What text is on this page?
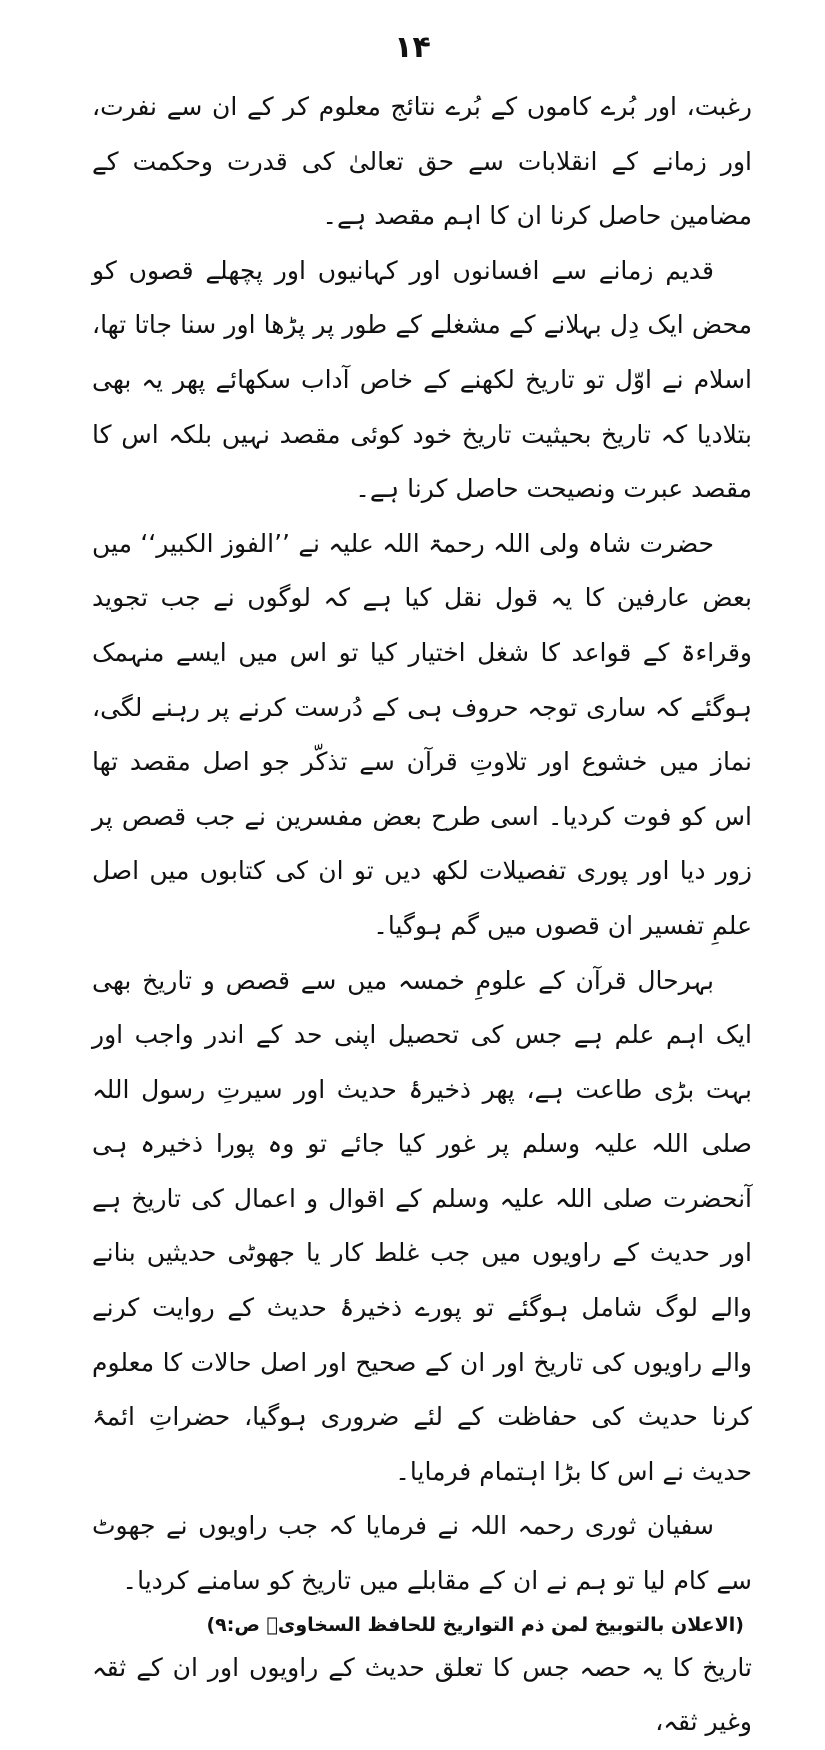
۱۴

رغبت، اور بُرے کاموں کے بُرے نتائج معلوم کر کے ان سے نفرت، اور زمانے کے انقلابات سے حق تعالیٰ کی قدرت وحکمت کے مضامین حاصل کرنا ان کا اہم مقصد ہے۔

قدیم زمانے سے افسانوں اور کہانیوں اور پچھلے قصوں کو محض ایک دِل بہلانے کے مشغلے کے طور پر پڑھا اور سنا جاتا تھا، اسلام نے اوّل تو تاریخ لکھنے کے خاص آداب سکھائے پھر یہ بھی بتلادیا کہ تاریخ بحیثیت تاریخ خود کوئی مقصد نہیں بلکہ اس کا مقصد عبرت ونصیحت حاصل کرنا ہے۔

حضرت شاہ ولی اللہ رحمۃ اللہ علیہ نے ’’الفوز الکبیر‘‘ میں بعض عارفین کا یہ قول نقل کیا ہے کہ لوگوں نے جب تجوید وقراءۃ کے قواعد کا شغل اختیار کیا تو اس میں ایسے منہمک ہوگئے کہ ساری توجہ حروف ہی کے دُرست کرنے پر رہنے لگی، نماز میں خشوع اور تلاوتِ قرآن سے تذکّر جو اصل مقصد تھا اس کو فوت کردیا۔ اسی طرح بعض مفسرین نے جب قصص پر زور دیا اور پوری تفصیلات لکھ دیں تو ان کی کتابوں میں اصل علمِ تفسیر ان قصوں میں گم ہوگیا۔

بہرحال قرآن کے علومِ خمسہ میں سے قصص و تاریخ بھی ایک اہم علم ہے جس کی تحصیل اپنی حد کے اندر واجب اور بہت بڑی طاعت ہے، پھر ذخیرۂ حدیث اور سیرتِ رسول اللہ صلی اللہ علیہ وسلم پر غور کیا جائے تو وہ پورا ذخیرہ ہی آنحضرت صلی اللہ علیہ وسلم کے اقوال و اعمال کی تاریخ ہے اور حدیث کے راویوں میں جب غلط کار یا جھوٹی حدیثیں بنانے والے لوگ شامل ہوگئے تو پورے ذخیرۂ حدیث کے روایت کرنے والے راویوں کی تاریخ اور ان کے صحیح اور اصل حالات کا معلوم کرنا حدیث کی حفاظت کے لئے ضروری ہوگیا، حضراتِ ائمۂ حدیث نے اس کا بڑا اہتمام فرمایا۔

سفیان ثوری رحمہ اللہ نے فرمایا کہ جب راویوں نے جھوٹ سے کام لیا تو ہم نے ان کے مقابلے میں تاریخ کو سامنے کردیا۔

(الاعلان بالتوبیخ لمن ذم التواریخ للحافظ السخاویؒ ص:۹)

تاریخ کا یہ حصہ جس کا تعلق حدیث کے راویوں اور ان کے ثقہ وغیر ثقہ،
